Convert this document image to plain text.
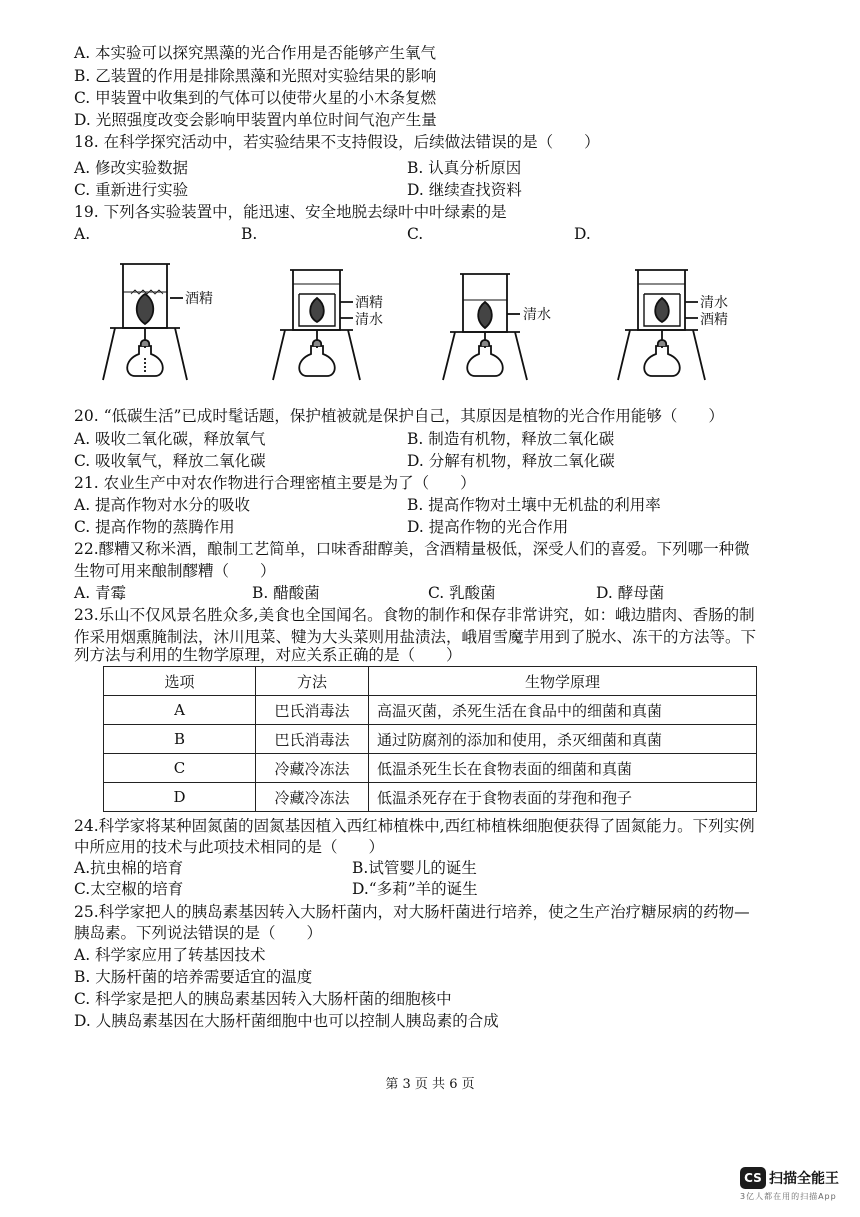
A. 本实验可以探究黑藻的光合作用是否能够产生氧气
B. 乙装置的作用是排除黑藻和光照对实验结果的影响
C. 甲装置中收集到的气体可以使带火星的小木条复燃
D. 光照强度改变会影响甲装置内单位时间气泡产生量
18. 在科学探究活动中，若实验结果不支持假设，后续做法错误的是（　　）
A. 修改实验数据	B. 认真分析原因
C. 重新进行实验	D. 继续查找资料
19. 下列各实验装置中，能迅速、安全地脱去绿叶中叶绿素的是
A.	B.	C.	D.
酒精	酒精
清水	清水
清水
酒精
20. “低碳生活”已成时髦话题，保护植被就是保护自己，其原因是植物的光合作用能够（　　）
A. 吸收二氧化碳，释放氧气	B. 制造有机物，释放二氧化碳
C. 吸收氧气，释放二氧化碳	D. 分解有机物，释放二氧化碳
21. 农业生产中对农作物进行合理密植主要是为了（　　）
A. 提高作物对水分的吸收	B. 提高作物对土壤中无机盐的利用率
C. 提高作物的蒸腾作用	D. 提高作物的光合作用
22.醪糟又称米酒，酿制工艺简单，口味香甜醇美，含酒精量极低，深受人们的喜爱。下列哪一种微
生物可用来酿制醪糟（　　）
A. 青霉	B. 醋酸菌	C. 乳酸菌	D. 酵母菌
23.乐山不仅风景名胜众多,美食也全国闻名。食物的制作和保存非常讲究，如：峨边腊肉、香肠的制
作采用烟熏腌制法，沐川甩菜、犍为大头菜则用盐渍法，峨眉雪魔芋用到了脱水、冻干的方法等。下
列方法与利用的生物学原理，对应关系正确的是（　　）
选项	方法	生物学原理
A	巴氏消毒法	高温灭菌，杀死生活在食品中的细菌和真菌
B	巴氏消毒法	通过防腐剂的添加和使用，杀灭细菌和真菌
C	冷藏冷冻法	低温杀死生长在食物表面的细菌和真菌
D	冷藏冷冻法	低温杀死存在于食物表面的芽孢和孢子
24.科学家将某种固氮菌的固氮基因植入西红柿植株中,西红柿植株细胞便获得了固氮能力。下列实例
中所应用的技术与此项技术相同的是（　　）
A.抗虫棉的培育	B.试管婴儿的诞生
C.太空椒的培育	D.“多莉”羊的诞生
25.科学家把人的胰岛素基因转入大肠杆菌内，对大肠杆菌进行培养，使之生产治疗糖尿病的药物—
胰岛素。下列说法错误的是（　　）
A. 科学家应用了转基因技术
B. 大肠杆菌的培养需要适宜的温度
C. 科学家是把人的胰岛素基因转入大肠杆菌的细胞核中
D. 人胰岛素基因在大肠杆菌细胞中也可以控制人胰岛素的合成
第 3 页 共 6 页
CS 扫描全能王
3亿人都在用的扫描App
